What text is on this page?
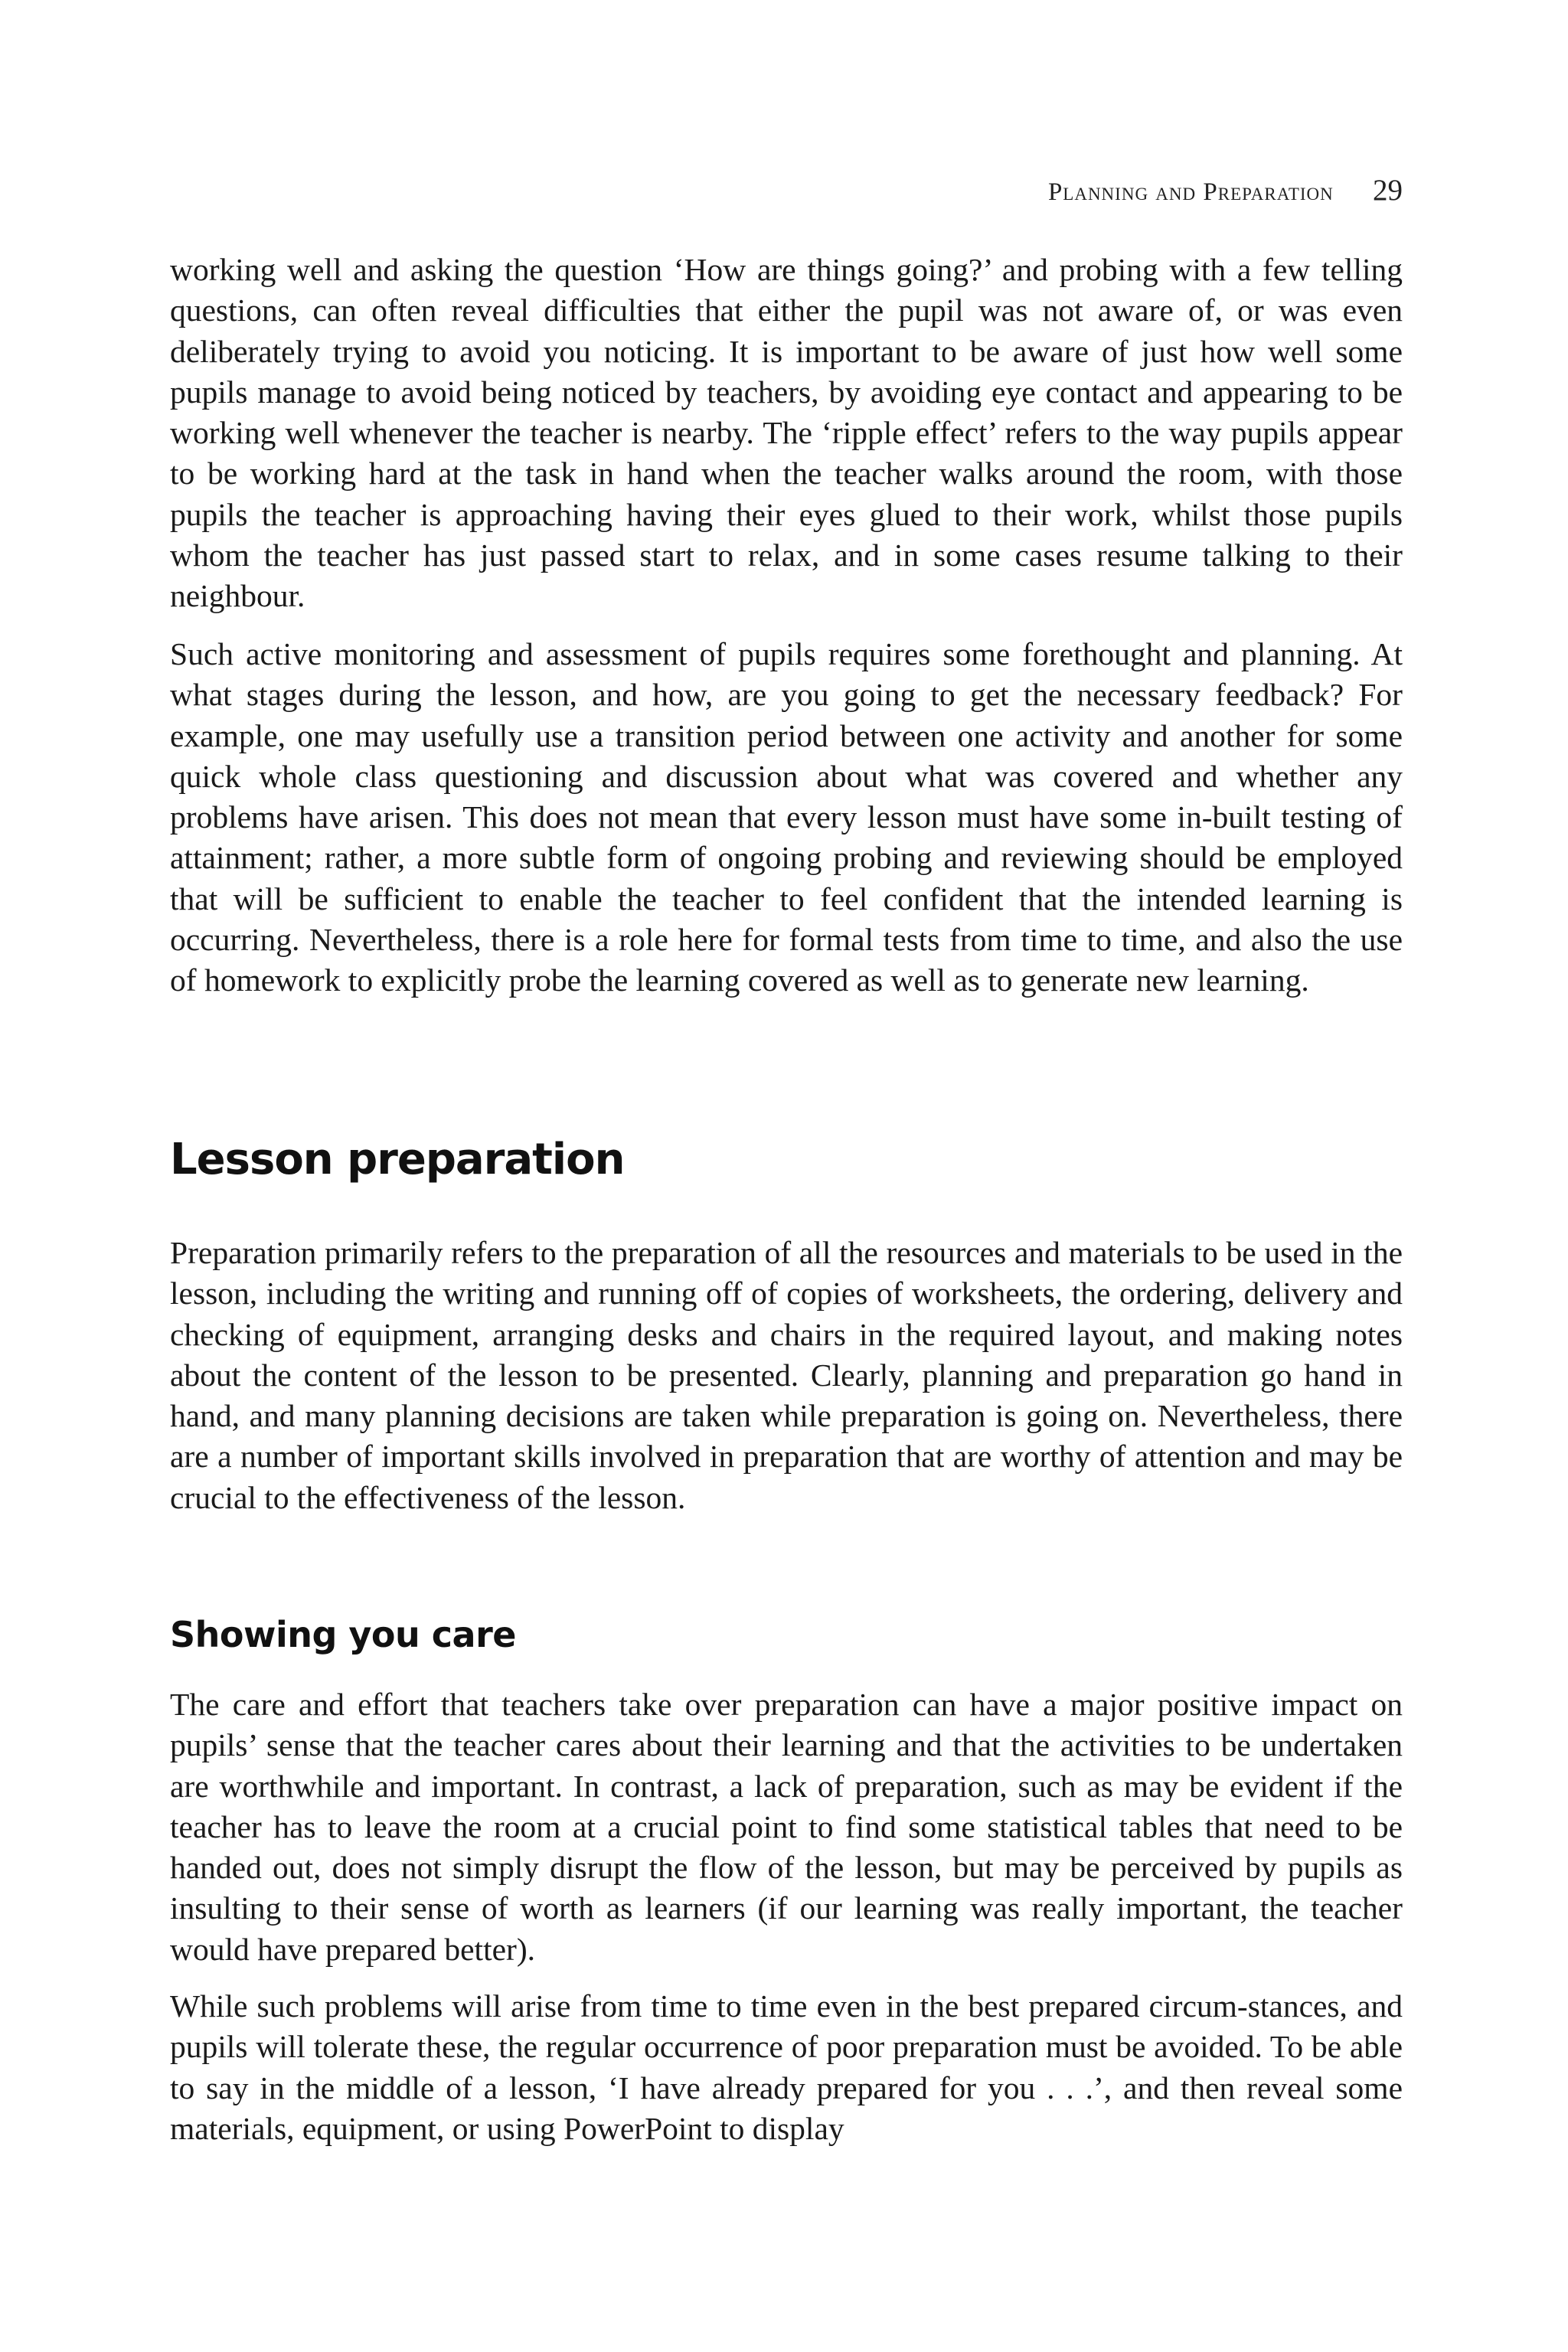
Planning and Preparation 29

working well and asking the question ‘How are things going?’ and probing with a few telling questions, can often reveal difficulties that either the pupil was not aware of, or was even deliberately trying to avoid you noticing. It is important to be aware of just how well some pupils manage to avoid being noticed by teachers, by avoiding eye contact and appearing to be working well whenever the teacher is nearby. The ‘ripple effect’ refers to the way pupils appear to be working hard at the task in hand when the teacher walks around the room, with those pupils the teacher is approaching having their eyes glued to their work, whilst those pupils whom the teacher has just passed start to relax, and in some cases resume talking to their neighbour.

Such active monitoring and assessment of pupils requires some forethought and planning. At what stages during the lesson, and how, are you going to get the necessary feedback? For example, one may usefully use a transition period between one activity and another for some quick whole class questioning and discussion about what was covered and whether any problems have arisen. This does not mean that every lesson must have some in-built testing of attainment; rather, a more subtle form of ongoing probing and reviewing should be employed that will be sufficient to enable the teacher to feel confident that the intended learning is occurring. Nevertheless, there is a role here for formal tests from time to time, and also the use of homework to explicitly probe the learning covered as well as to generate new learning.

Lesson preparation

Preparation primarily refers to the preparation of all the resources and materials to be used in the lesson, including the writing and running off of copies of worksheets, the ordering, delivery and checking of equipment, arranging desks and chairs in the required layout, and making notes about the content of the lesson to be presented. Clearly, planning and preparation go hand in hand, and many planning decisions are taken while preparation is going on. Nevertheless, there are a number of important skills involved in preparation that are worthy of attention and may be crucial to the effectiveness of the lesson.

Showing you care

The care and effort that teachers take over preparation can have a major positive impact on pupils’ sense that the teacher cares about their learning and that the activities to be undertaken are worthwhile and important. In contrast, a lack of preparation, such as may be evident if the teacher has to leave the room at a crucial point to find some statistical tables that need to be handed out, does not simply disrupt the flow of the lesson, but may be perceived by pupils as insulting to their sense of worth as learners (if our learning was really important, the teacher would have prepared better).

While such problems will arise from time to time even in the best prepared circum-stances, and pupils will tolerate these, the regular occurrence of poor preparation must be avoided. To be able to say in the middle of a lesson, ‘I have already prepared for you . . .’, and then reveal some materials, equipment, or using PowerPoint to display
